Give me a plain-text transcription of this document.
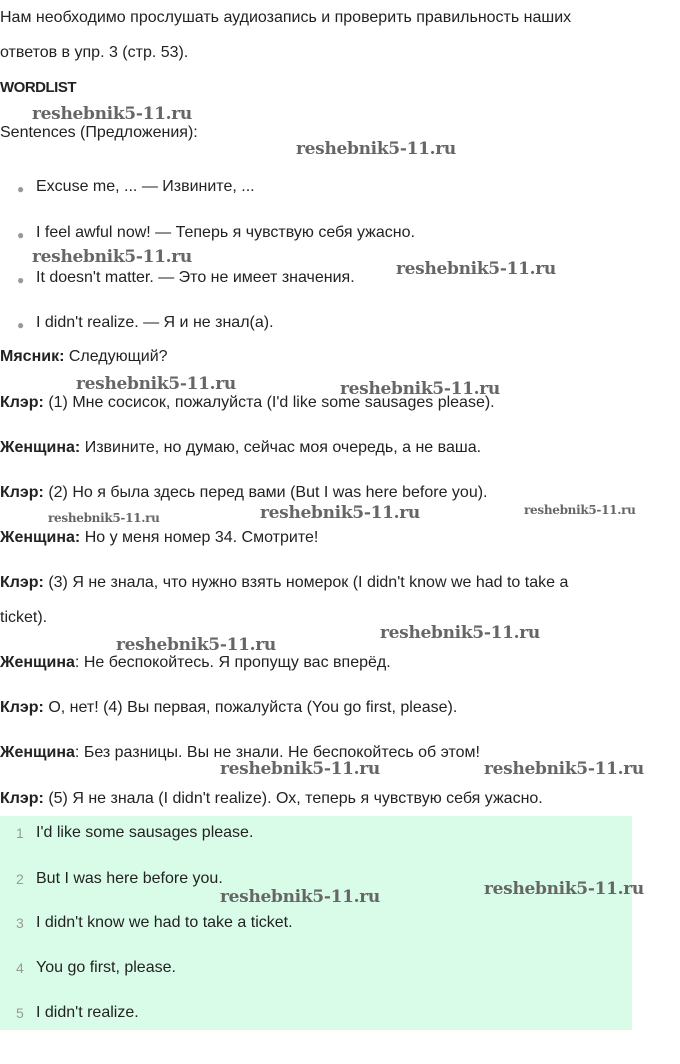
Нам необходимо прослушать аудиозапись и проверить правильность наших
ответов в упр. 3 (стр. 53).
WORDLIST
Sentences (Предложения):
● Excuse me, ... — Извините, ...
● I feel awful now! — Теперь я чувствую себя ужасно.
● It doesn't matter. — Это не имеет значения.
● I didn't realize. — Я и не знал(а).
Мясник: Следующий?
Клэр: (1) Мне сосисок, пожалуйста (I'd like some sausages please).
Женщина: Извините, но думаю, сейчас моя очередь, а не ваша.
Клэр: (2) Но я была здесь перед вами (But I was here before you).
Женщина: Но у меня номер 34. Смотрите!
Клэр: (3) Я не знала, что нужно взять номерок (I didn't know we had to take a
ticket).
Женщина: Не беспокойтесь. Я пропущу вас вперёд.
Клэр: О, нет! (4) Вы первая, пожалуйста (You go first, please).
Женщина: Без разницы. Вы не знали. Не беспокойтесь об этом!
Клэр: (5) Я не знала (I didn't realize). Ох, теперь я чувствую себя ужасно.
1 I'd like some sausages please.
2 But I was here before you.
3 I didn't know we had to take a ticket.
4 You go first, please.
5 I didn't realize.
reshebnik5-11.ru
reshebnik5-11.ru
reshebnik5-11.ru
reshebnik5-11.ru
reshebnik5-11.ru	reshebnik5-11.ru
reshebnik5-11.ru	reshebnik5-11.ru	reshebnik5-11.ru
reshebnik5-11.ru
reshebnik5-11.ru
reshebnik5-11.ru	reshebnik5-11.ru
reshebnik5-11.ru
reshebnik5-11.ru
